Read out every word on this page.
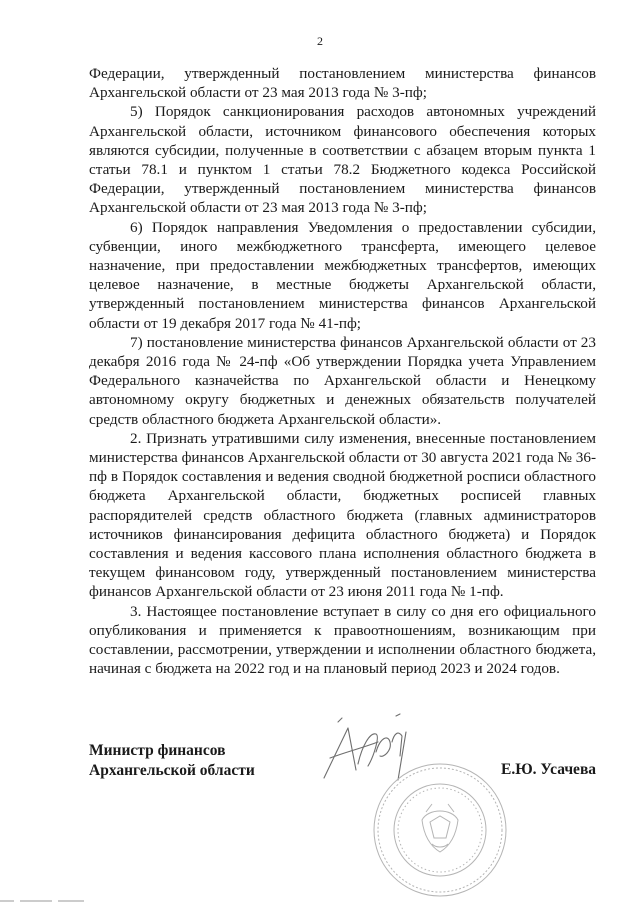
2

Федерации, утвержденный постановлением министерства финансов Архангельской области от 23 мая 2013 года № 3-пф;

5) Порядок санкционирования расходов автономных учреждений Архангельской области, источником финансового обеспечения которых являются субсидии, полученные в соответствии с абзацем вторым пункта 1 статьи 78.1 и пунктом 1 статьи 78.2 Бюджетного кодекса Российской Федерации, утвержденный постановлением министерства финансов Архангельской области от 23 мая 2013 года № 3-пф;

6) Порядок направления Уведомления о предоставлении субсидии, субвенции, иного межбюджетного трансферта, имеющего целевое назначение, при предоставлении межбюджетных трансфертов, имеющих целевое назначение, в местные бюджеты Архангельской области, утвержденный постановлением министерства финансов Архангельской области от 19 декабря 2017 года № 41-пф;

7) постановление министерства финансов Архангельской области от 23 декабря 2016 года № 24-пф «Об утверждении Порядка учета Управлением Федерального казначейства по Архангельской области и Ненецкому автономному округу бюджетных и денежных обязательств получателей средств областного бюджета Архангельской области».

2. Признать утратившими силу изменения, внесенные постановлением министерства финансов Архангельской области от 30 августа 2021 года № 36-пф в Порядок составления и ведения сводной бюджетной росписи областного бюджета Архангельской области, бюджетных росписей главных распорядителей средств областного бюджета (главных администраторов источников финансирования дефицита областного бюджета) и Порядок составления и ведения кассового плана исполнения областного бюджета в текущем финансовом году, утвержденный постановлением министерства финансов Архангельской области от 23 июня 2011 года № 1-пф.

3. Настоящее постановление вступает в силу со дня его официального опубликования и применяется к правоотношениям, возникающим при составлении, рассмотрении, утверждении и исполнении областного бюджета, начиная с бюджета на 2022 год и на плановый период 2023 и 2024 годов.

Министр финансов
Архангельской области	Е.Ю. Усачева
